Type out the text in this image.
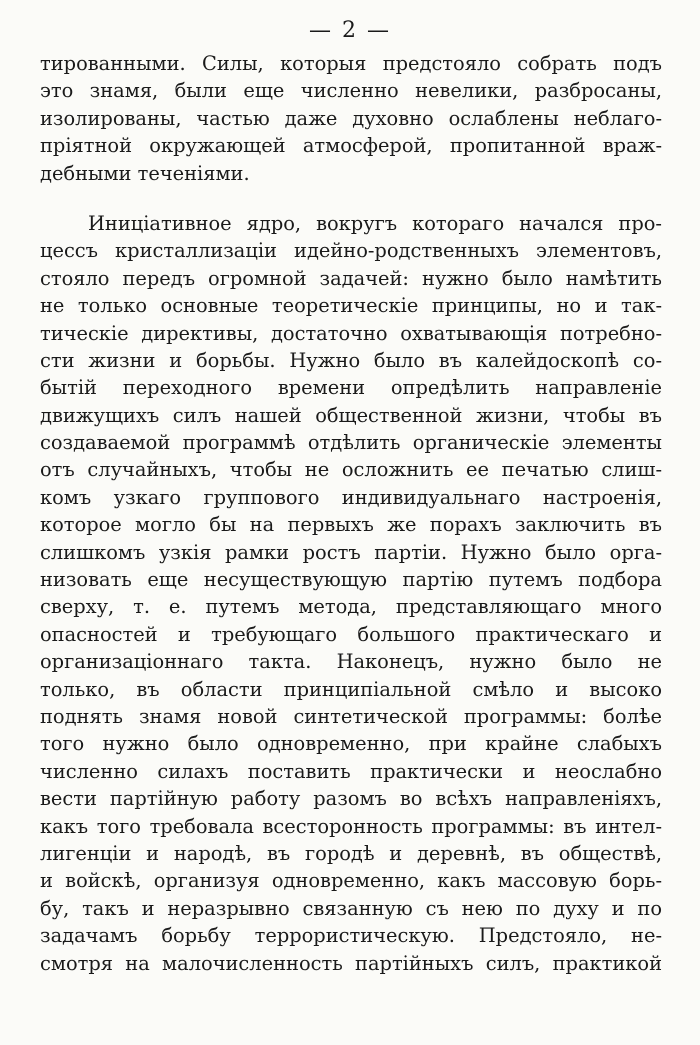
— 2 —
тированными. Силы, которыя предстояло собрать подъ
это знамя, были еще численно невелики, разбросаны,
изолированы, частью даже духовно ослаблены неблаго-
пріятной окружающей атмосферой, пропитанной враж-
дебными теченіями.
Иниціативное ядро, вокругъ котораго начался про-
цессъ кристаллизаціи идейно-родственныхъ элементовъ,
стояло передъ огромной задачей: нужно было намѣтить
не только основные теоретическіе принципы, но и так-
тическіе директивы, достаточно охватывающія потребно-
сти жизни и борьбы. Нужно было въ калейдоскопѣ со-
бытій переходного времени опредѣлить направленіе
движущихъ силъ нашей общественной жизни, чтобы въ
создаваемой программѣ отдѣлить органическіе элементы
отъ случайныхъ, чтобы не осложнить ее печатью слиш-
комъ узкаго группового индивидуальнаго настроенія,
которое могло бы на первыхъ же порахъ заключить въ
слишкомъ узкія рамки ростъ партіи. Нужно было орга-
низовать еще несуществующую партію путемъ подбора
сверху, т. е. путемъ метода, представляющаго много
опасностей и требующаго большого практическаго и
организаціоннаго такта. Наконецъ, нужно было не
только, въ области принципіальной смѣло и высоко
поднять знамя новой синтетической программы: болѣе
того нужно было одновременно, при крайне слабыхъ
численно силахъ поставить практически и неослабно
вести партійную работу разомъ во всѣхъ направленіяхъ,
какъ того требовала всесторонность программы: въ интел-
лигенціи и народѣ, въ городѣ и деревнѣ, въ обществѣ,
и войскѣ, организуя одновременно, какъ массовую борь-
бу, такъ и неразрывно связанную съ нею по духу и по
задачамъ борьбу террористическую. Предстояло, не-
смотря на малочисленность партійныхъ силъ, практикой
